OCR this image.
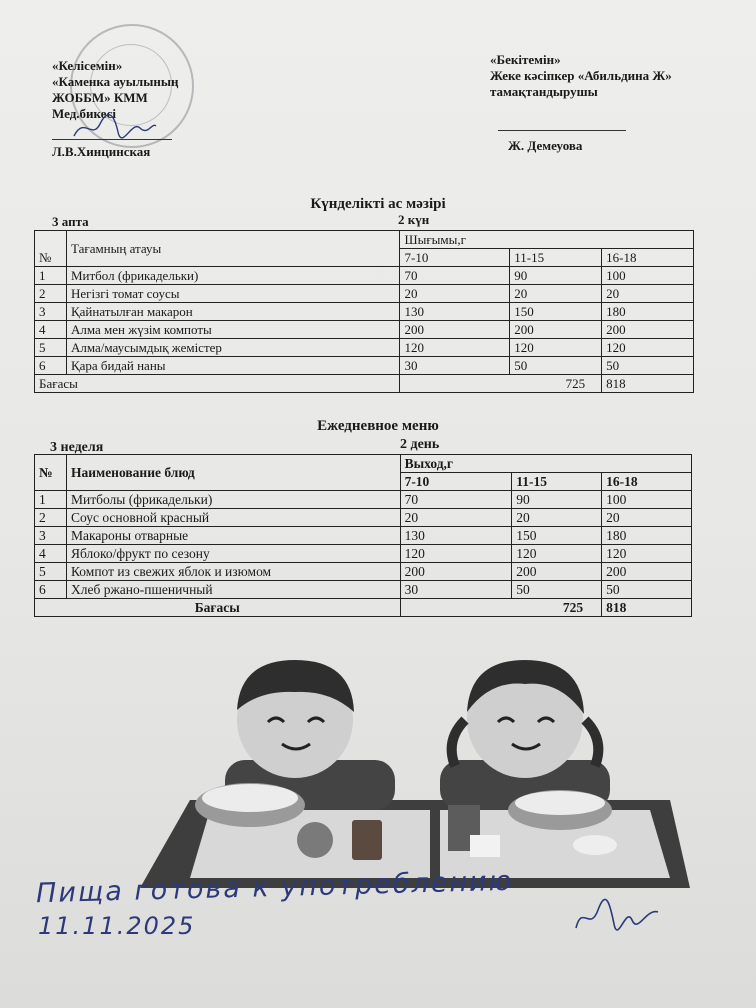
«Келісемін»
«Каменка ауылының
ЖОББМ» КММ
Мед.бикесі
Л.В.Хинцинская
«Бекітемін»
Жеке кәсіпкер «Абильдина Ж»
тамақтандырушы
Ж. Демеуова
Күнделікті ас мәзірі
3 апта	2 күн
№	Тағамның атауы	Шығымы,г		
		7-10	11-15	16-18
1	Митбол (фрикадельки)	70	90	100
2	Негізгі томат соусы	20	20	20
3	Қайнатылған макарон	130	150	180
4	Алма мен жүзім компоты	200	200	200
5	Алма/маусымдық жемістер	120	120	120
6	Қара бидай наны	30	50	50
Бағасы		725		818
Ежедневное меню
3 неделя	2 день
№	Наименование блюд	Выход,г		
		7-10	11-15	16-18
1	Митболы (фрикадельки)	70	90	100
2	Соус основной красный	20	20	20
3	Макароны отварные	130	150	180
4	Яблоко/фрукт по сезону	120	120	120
5	Компот из свежих яблок и изюмом	200	200	200
6	Хлеб ржано-пшеничный	30	50	50
Бағасы		725		818
Пища готова к употреблению
11.11.2025
